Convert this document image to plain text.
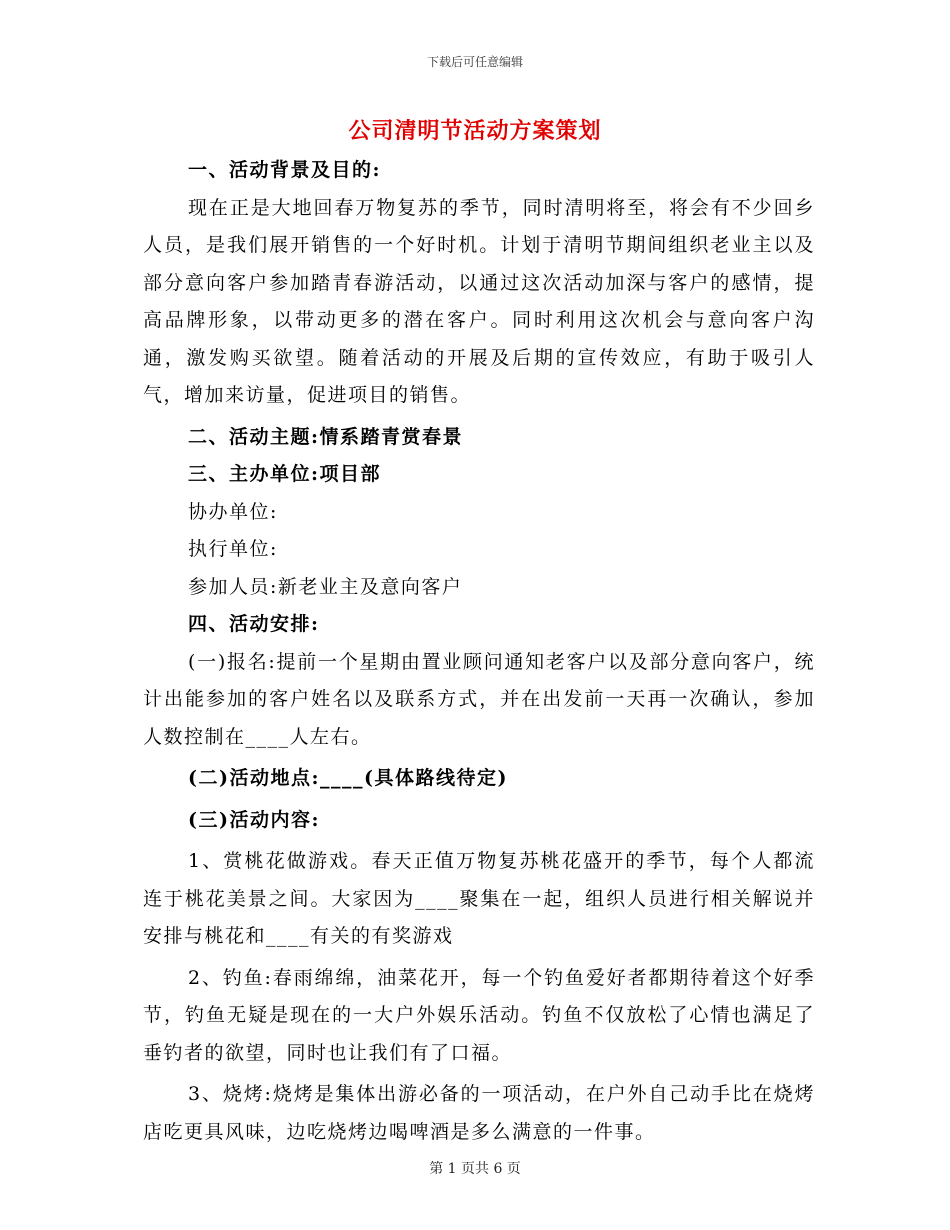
下载后可任意编辑
公司清明节活动方案策划

一、活动背景及目的:

现在正是大地回春万物复苏的季节，同时清明将至，将会有不少回乡人员，是我们展开销售的一个好时机。计划于清明节期间组织老业主以及部分意向客户参加踏青春游活动，以通过这次活动加深与客户的感情，提高品牌形象，以带动更多的潜在客户。同时利用这次机会与意向客户沟通，激发购买欲望。随着活动的开展及后期的宣传效应，有助于吸引人气，增加来访量，促进项目的销售。

二、活动主题:情系踏青赏春景

三、主办单位:项目部

协办单位:

执行单位:

参加人员:新老业主及意向客户

四、活动安排:

(一)报名:提前一个星期由置业顾问通知老客户以及部分意向客户，统计出能参加的客户姓名以及联系方式，并在出发前一天再一次确认，参加人数控制在____人左右。

(二)活动地点:____(具体路线待定)

(三)活动内容:

1、赏桃花做游戏。春天正值万物复苏桃花盛开的季节，每个人都流连于桃花美景之间。大家因为____聚集在一起，组织人员进行相关解说并安排与桃花和____有关的有奖游戏

2、钓鱼:春雨绵绵，油菜花开，每一个钓鱼爱好者都期待着这个好季节，钓鱼无疑是现在的一大户外娱乐活动。钓鱼不仅放松了心情也满足了垂钓者的欲望，同时也让我们有了口福。

3、烧烤:烧烤是集体出游必备的一项活动，在户外自己动手比在烧烤店吃更具风味，边吃烧烤边喝啤酒是多么满意的一件事。

第 1 页共 6 页
